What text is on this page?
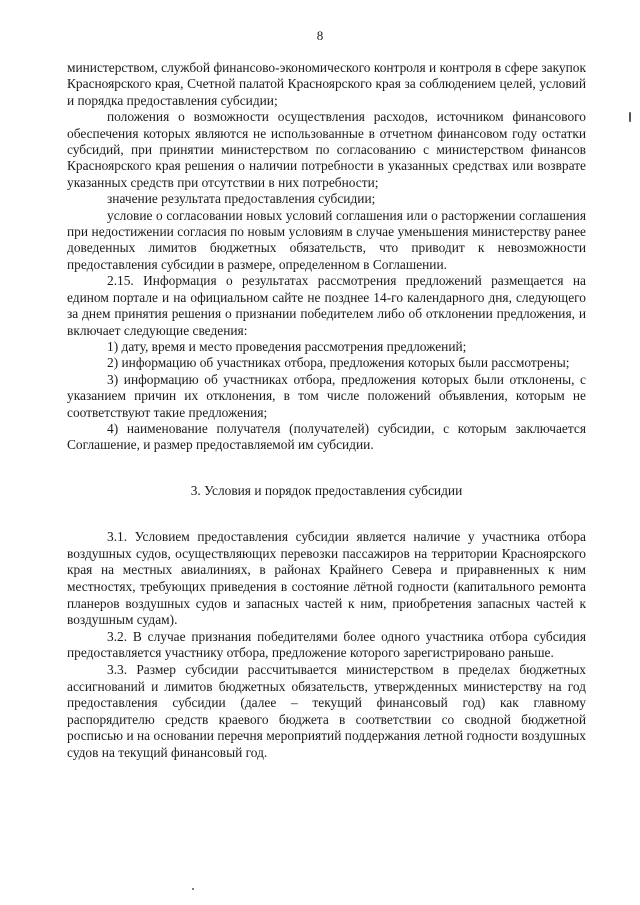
8

министерством, службой финансово-экономического контроля и контроля в сфере закупок Красноярского края, Счетной палатой Красноярского края за соблюдением целей, условий и порядка предоставления субсидии;

положения о возможности осуществления расходов, источником финансового обеспечения которых являются не использованные в отчетном финансовом году остатки субсидий, при принятии министерством по согласованию с министерством финансов Красноярского края решения о наличии потребности в указанных средствах или возврате указанных средств при отсутствии в них потребности;

значение результата предоставления субсидии;

условие о согласовании новых условий соглашения или о расторжении соглашения при недостижении согласия по новым условиям в случае уменьшения министерству ранее доведенных лимитов бюджетных обязательств, что приводит к невозможности предоставления субсидии в размере, определенном в Соглашении.

2.15. Информация о результатах рассмотрения предложений размещается на едином портале и на официальном сайте не позднее 14-го календарного дня, следующего за днем принятия решения о признании победителем либо об отклонении предложения, и включает следующие сведения:

1) дату, время и место проведения рассмотрения предложений;

2) информацию об участниках отбора, предложения которых были рассмотрены;

3) информацию об участниках отбора, предложения которых были отклонены, с указанием причин их отклонения, в том числе положений объявления, которым не соответствуют такие предложения;

4) наименование получателя (получателей) субсидии, с которым заключается Соглашение, и размер предоставляемой им субсидии.

3. Условия и порядок предоставления субсидии

3.1. Условием предоставления субсидии является наличие у участника отбора воздушных судов, осуществляющих перевозки пассажиров на территории Красноярского края на местных авиалиниях, в районах Крайнего Севера и приравненных к ним местностях, требующих приведения в состояние лётной годности (капитального ремонта планеров воздушных судов и запасных частей к ним, приобретения запасных частей к воздушным судам).

3.2. В случае признания победителями более одного участника отбора субсидия предоставляется участнику отбора, предложение которого зарегистрировано раньше.

3.3. Размер субсидии рассчитывается министерством в пределах бюджетных ассигнований и лимитов бюджетных обязательств, утвержденных министерству на год предоставления субсидии (далее – текущий финансовый год) как главному распорядителю средств краевого бюджета в соответствии со сводной бюджетной росписью и на основании перечня мероприятий поддержания летной годности воздушных судов на текущий финансовый год.
